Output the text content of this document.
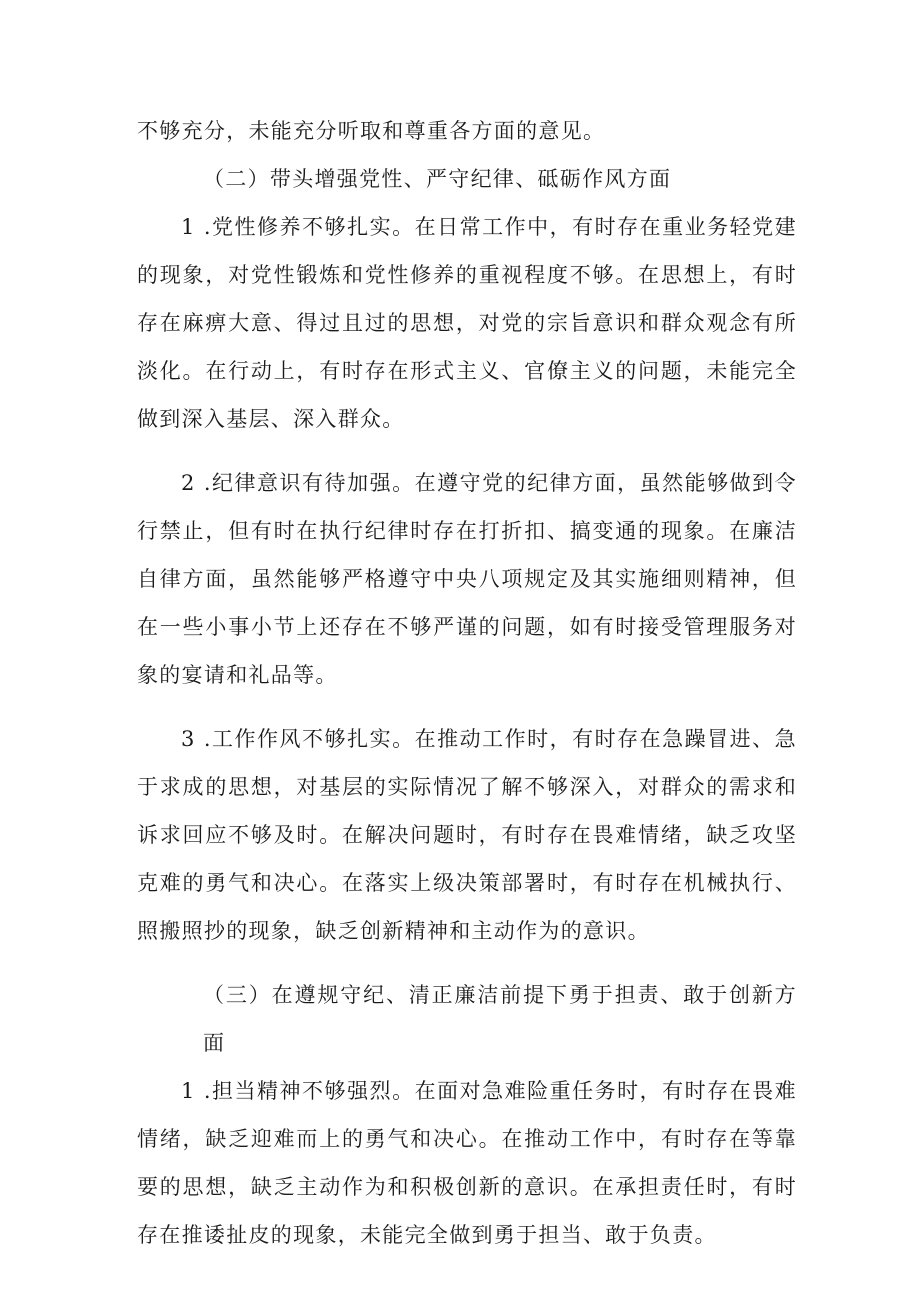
不够充分，未能充分听取和尊重各方面的意见。

（二）带头增强党性、严守纪律、砥砺作风方面

1 .党性修养不够扎实。在日常工作中，有时存在重业务轻党建的现象，对党性锻炼和党性修养的重视程度不够。在思想上，有时存在麻痹大意、得过且过的思想，对党的宗旨意识和群众观念有所淡化。在行动上，有时存在形式主义、官僚主义的问题，未能完全做到深入基层、深入群众。

2 .纪律意识有待加强。在遵守党的纪律方面，虽然能够做到令行禁止，但有时在执行纪律时存在打折扣、搞变通的现象。在廉洁自律方面，虽然能够严格遵守中央八项规定及其实施细则精神，但在一些小事小节上还存在不够严谨的问题，如有时接受管理服务对象的宴请和礼品等。

3 .工作作风不够扎实。在推动工作时，有时存在急躁冒进、急于求成的思想，对基层的实际情况了解不够深入，对群众的需求和诉求回应不够及时。在解决问题时，有时存在畏难情绪，缺乏攻坚克难的勇气和决心。在落实上级决策部署时，有时存在机械执行、照搬照抄的现象，缺乏创新精神和主动作为的意识。

（三）在遵规守纪、清正廉洁前提下勇于担责、敢于创新方面

1 .担当精神不够强烈。在面对急难险重任务时，有时存在畏难情绪，缺乏迎难而上的勇气和决心。在推动工作中，有时存在等靠要的思想，缺乏主动作为和积极创新的意识。在承担责任时，有时存在推诿扯皮的现象，未能完全做到勇于担当、敢于负责。
